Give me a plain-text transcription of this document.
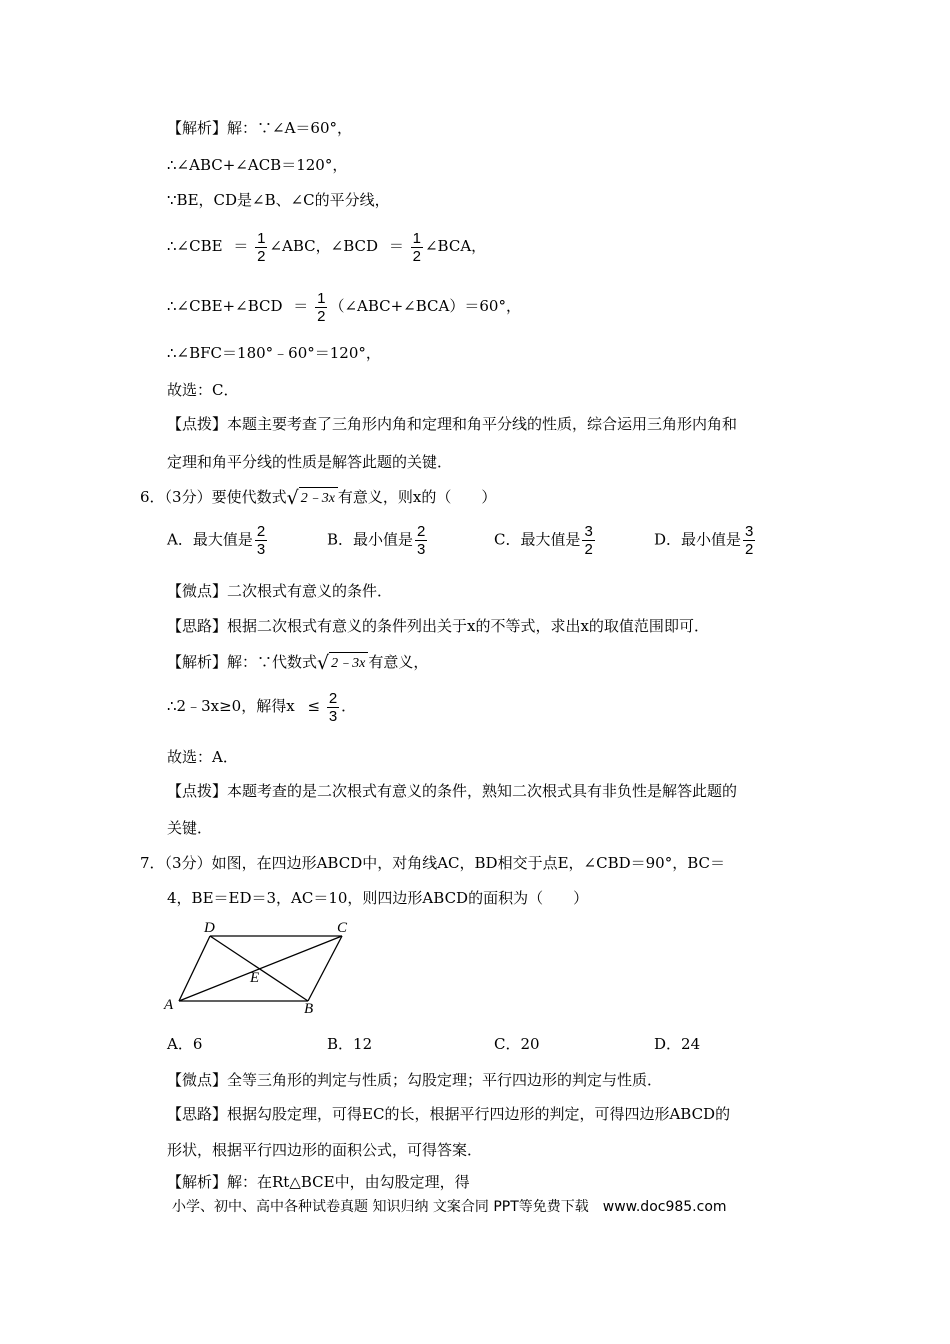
【解析】解：∵∠A＝60°，
∴∠ABC+∠ACB＝120°，
∵BE，CD是∠B、∠C的平分线，
∴∠CBE ＝ $\frac{1}{2}$ ∠ABC，∠BCD ＝ $\frac{1}{2}$ ∠BCA，
∴∠CBE+∠BCD ＝ $\frac{1}{2}$ （∠ABC+∠BCA）＝60°，
∴∠BFC＝180°﹣60°＝120°，
故选：C．
【点拨】本题主要考查了三角形内角和定理和角平分线的性质，综合运用三角形内角和
定理和角平分线的性质是解答此题的关键．
6．（3分）要使代数式 √ 2﹣3x 有意义，则x的（　　）
A．最大值是 $\frac{2}{3}$	B．最小值是 $\frac{2}{3}$	C．最大值是 $\frac{3}{2}$	D．最小值是 $\frac{3}{2}$
【微点】二次根式有意义的条件．
【思路】根据二次根式有意义的条件列出关于x的不等式，求出x的取值范围即可．
【解析】解：∵代数式 √ 2﹣3x 有意义，
∴2﹣3x≥0，解得$x \le \frac{2}{3}$ ．
故选：A．
【点拨】本题考查的是二次根式有意义的条件，熟知二次根式具有非负性是解答此题的
关键．
7．（3分）如图，在四边形ABCD中，对角线AC，BD相交于点E，∠CBD＝90°，BC＝
4，BE＝ED＝3，AC＝10，则四边形ABCD的面积为（　　）
D	C
A	B
E
A．6	B．12	C．20	D．24
【微点】全等三角形的判定与性质；勾股定理；平行四边形的判定与性质．
【思路】根据勾股定理，可得EC的长，根据平行四边形的判定，可得四边形ABCD的
形状，根据平行四边形的面积公式，可得答案．
【解析】解：在Rt△BCE中，由勾股定理，得
小学、初中、高中各种试卷真题 知识归纳 文案合同 PPT等免费下载　www.doc985.com
